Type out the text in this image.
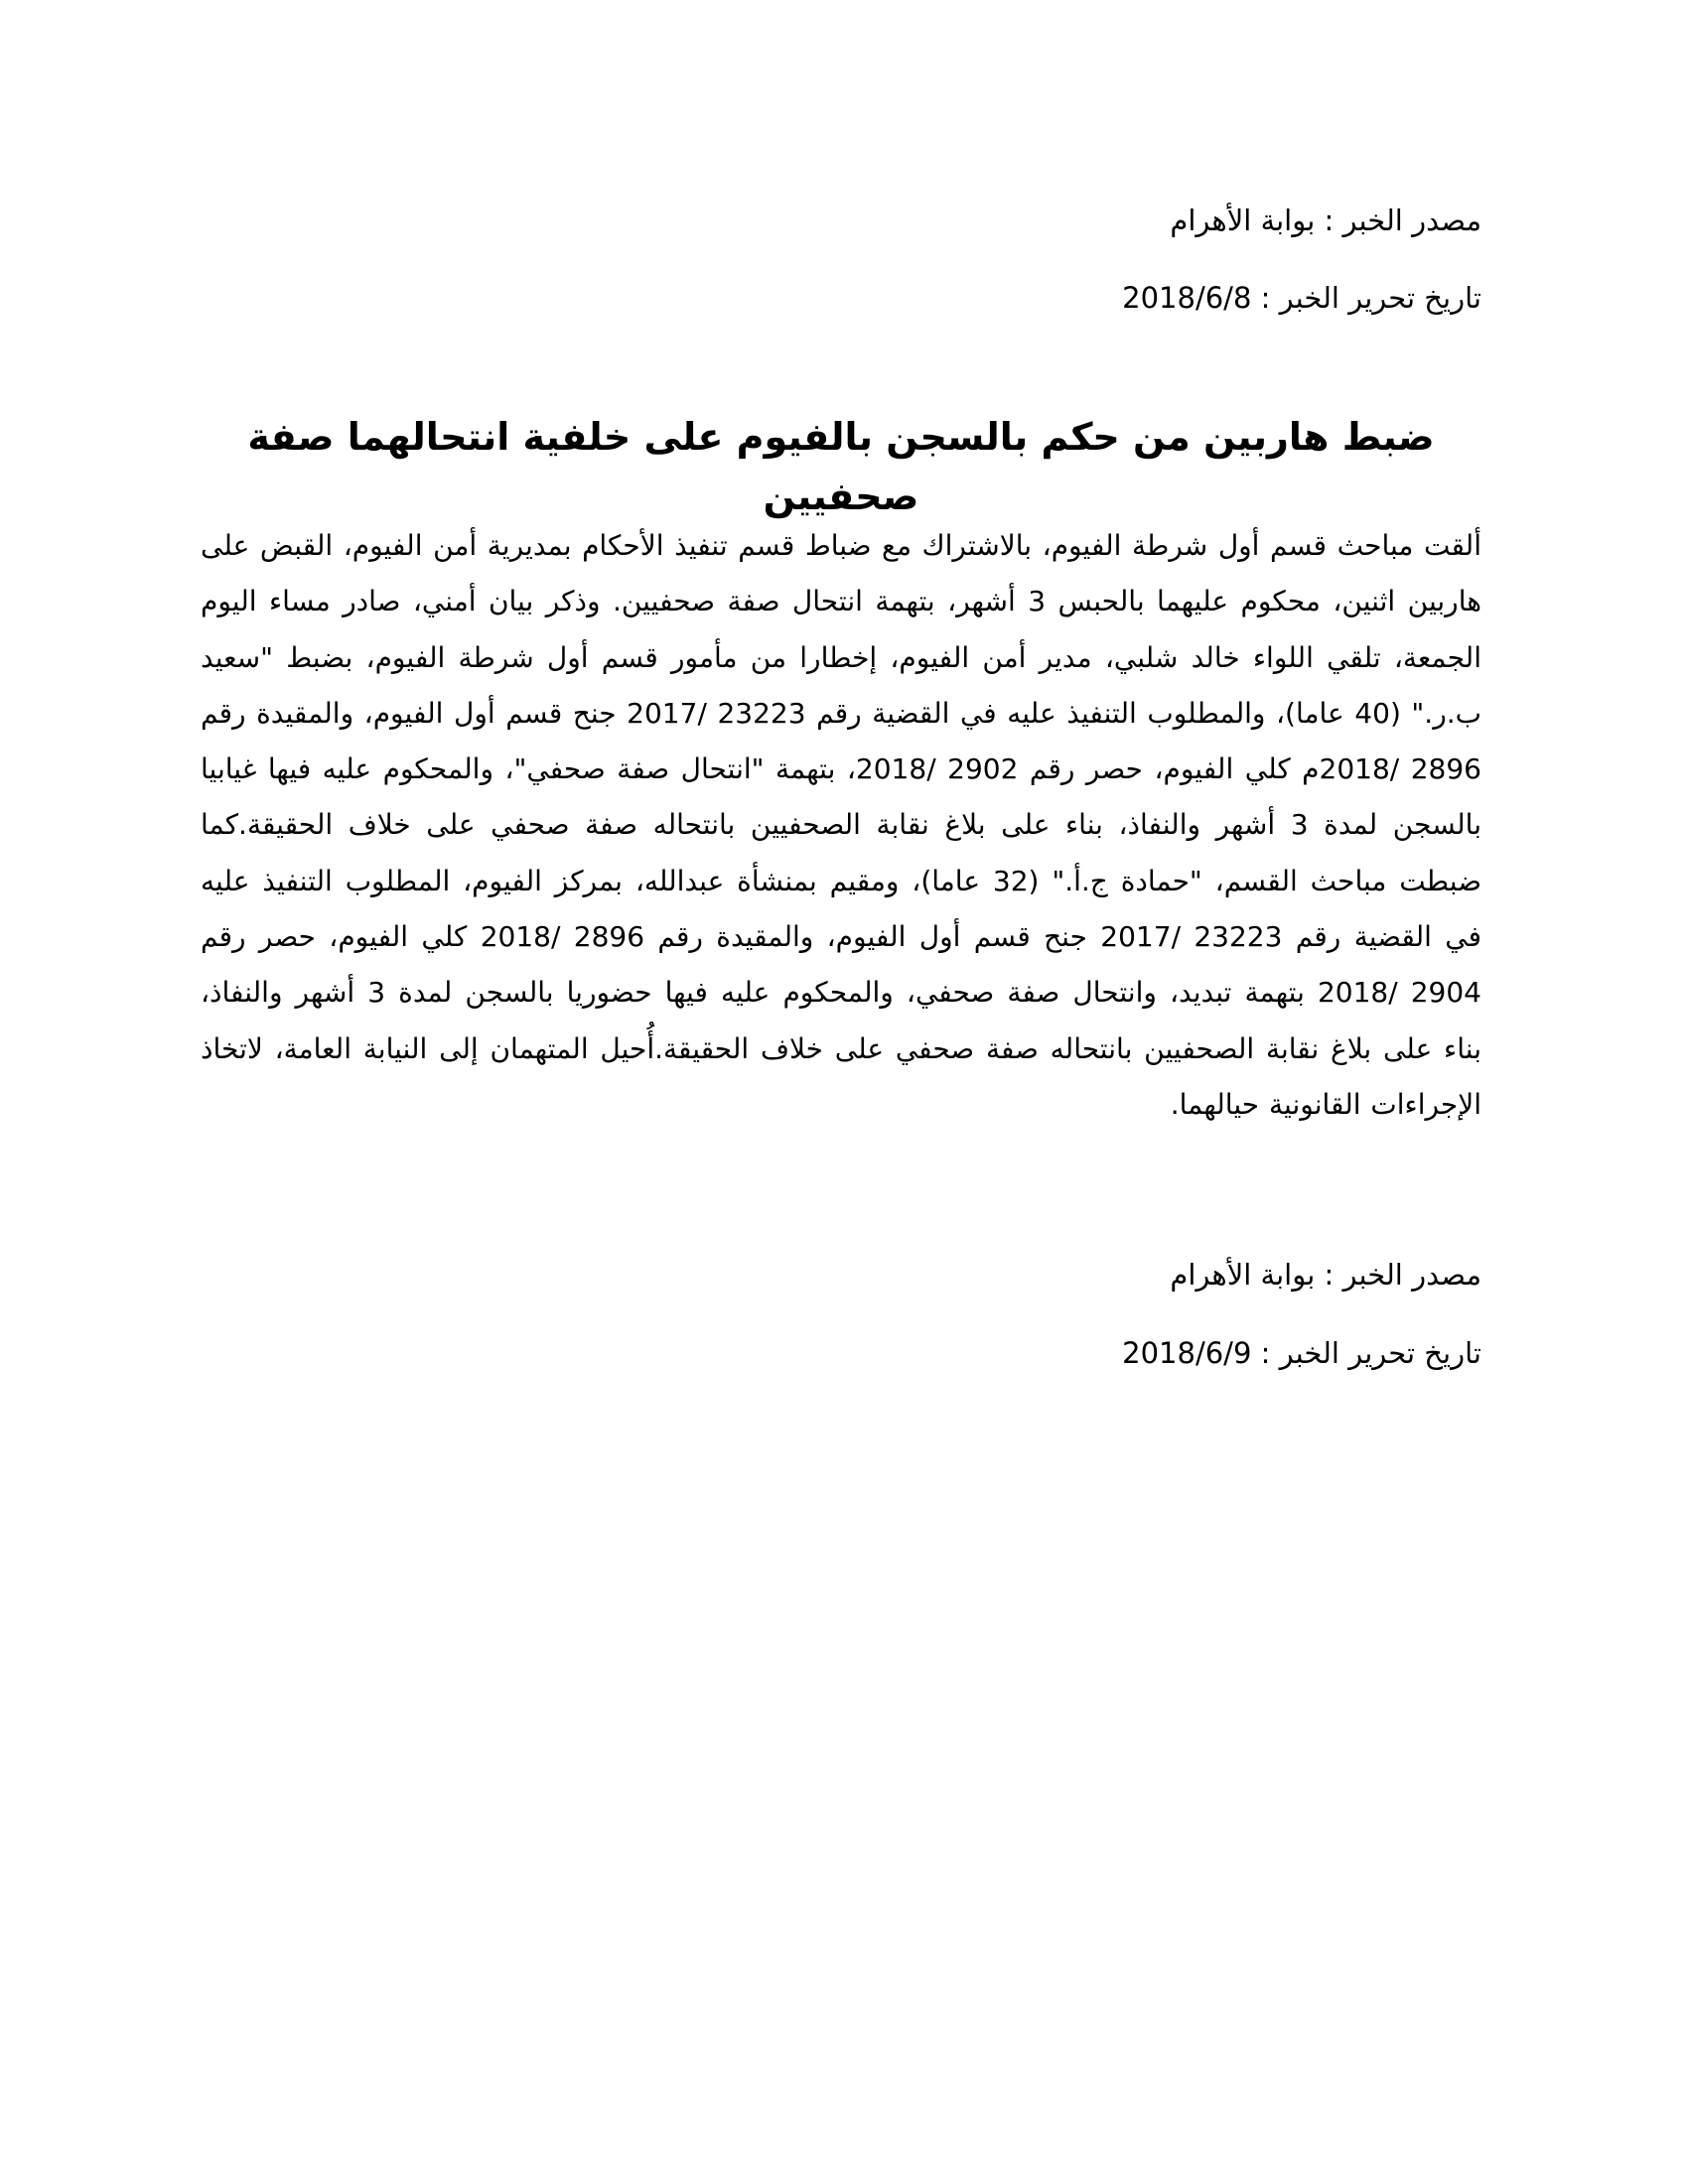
مصدر الخبر : بوابة الأهرام
تاريخ تحرير الخبر : 2018/6/8
ضبط هاربين من حكم بالسجن بالفيوم على خلفية انتحالهما صفة صحفيين

ألقت مباحث قسم أول شرطة الفيوم، بالاشتراك مع ضباط قسم تنفيذ الأحكام بمديرية أمن الفيوم، القبض على هاربين اثنين، محكوم عليهما بالحبس 3 أشهر، بتهمة انتحال صفة صحفيين. وذكر بيان أمني، صادر مساء اليوم الجمعة، تلقي اللواء خالد شلبي، مدير أمن الفيوم، إخطارا من مأمور قسم أول شرطة الفيوم، بضبط "سعيد ب.ر." (40 عاما)، والمطلوب التنفيذ عليه في القضية رقم 23223 /2017 جنح قسم أول الفيوم، والمقيدة رقم 2896 /2018م كلي الفيوم، حصر رقم 2902 /2018، بتهمة "انتحال صفة صحفي"، والمحكوم عليه فيها غيابيا بالسجن لمدة 3 أشهر والنفاذ، بناء على بلاغ نقابة الصحفيين بانتحاله صفة صحفي على خلاف الحقيقة.كما ضبطت مباحث القسم، "حمادة ج.أ." (32 عاما)، ومقيم بمنشأة عبدالله، بمركز الفيوم، المطلوب التنفيذ عليه في القضية رقم 23223 /2017 جنح قسم أول الفيوم، والمقيدة رقم 2896 /2018 كلي الفيوم، حصر رقم 2904 /2018 بتهمة تبديد، وانتحال صفة صحفي، والمحكوم عليه فيها حضوريا بالسجن لمدة 3 أشهر والنفاذ، بناء على بلاغ نقابة الصحفيين بانتحاله صفة صحفي على خلاف الحقيقة.أُحيل المتهمان إلى النيابة العامة، لاتخاذ الإجراءات القانونية حيالهما.

مصدر الخبر : بوابة الأهرام
تاريخ تحرير الخبر : 2018/6/9
